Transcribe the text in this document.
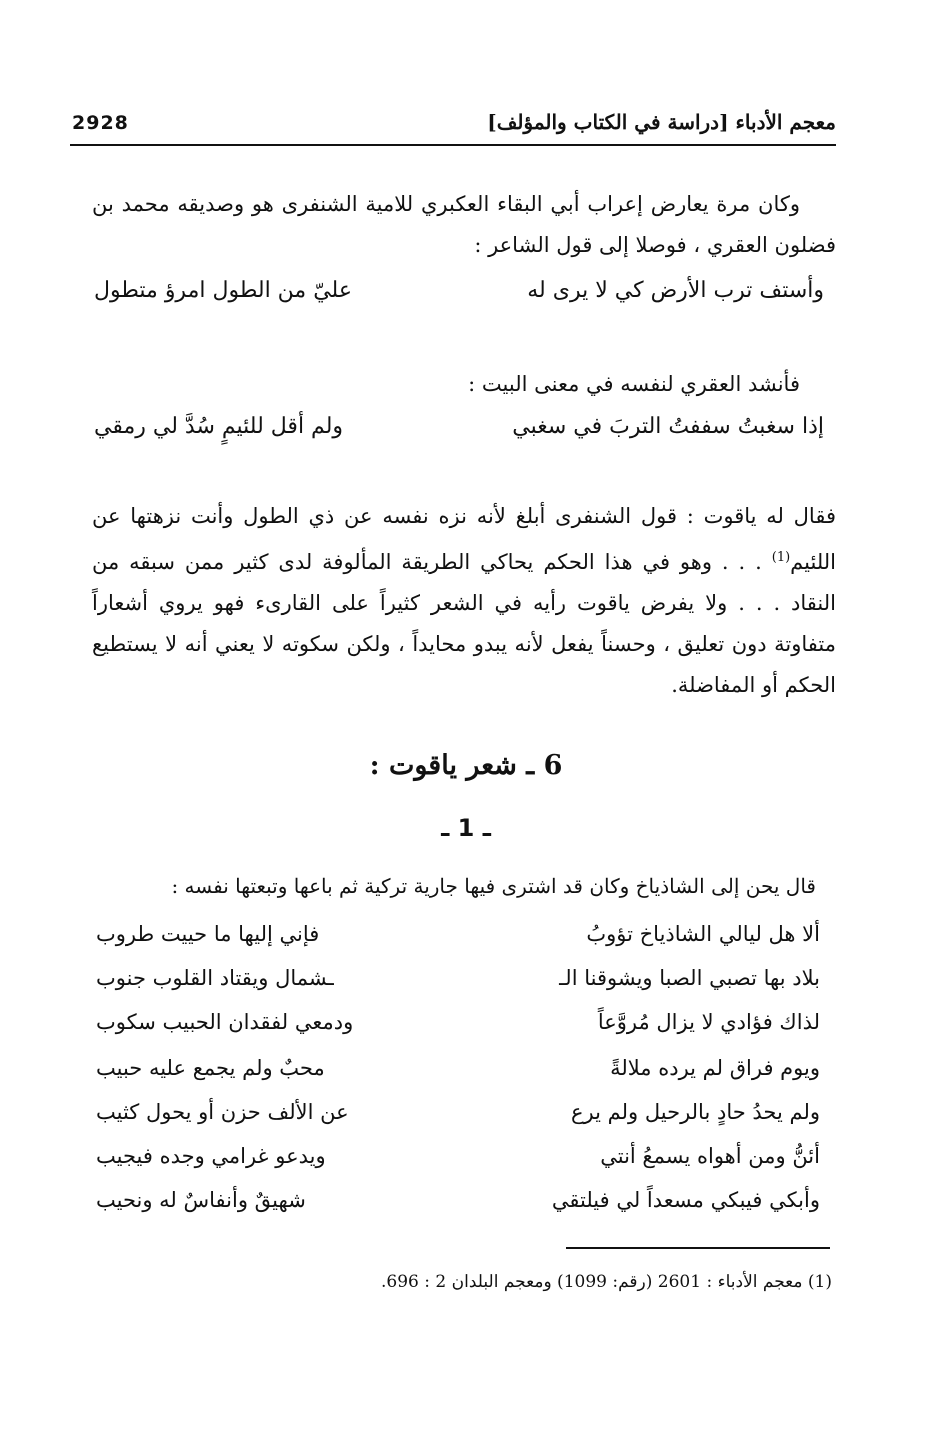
2928	معجم الأدباء [دراسة في الكتاب والمؤلف]

وكان مرة يعارض إعراب أبي البقاء العكبري للامية الشنفرى هو وصديقه محمد بن فضلون العقري ، فوصلا إلى قول الشاعر :

وأستف ترب الأرض كي لا يرى له
عليّ من الطول امرؤ متطول

فأنشد العقري لنفسه في معنى البيت :

إذا سغبتُ سففتُ التربَ في سغبي
ولم أقل للئيمٍ سُدَّ لي رمقي

فقال له ياقوت : قول الشنفرى أبلغ لأنه نزه نفسه عن ذي الطول وأنت نزهتها عن اللئيم$^{(1)}$ . . . وهو في هذا الحكم يحاكي الطريقة المألوفة لدى كثير ممن سبقه من النقاد . . . ولا يفرض ياقوت رأيه في الشعر كثيراً على القارىء فهو يروي أشعاراً متفاوتة دون تعليق ، وحسناً يفعل لأنه يبدو محايداً ، ولكن سكوته لا يعني أنه لا يستطيع الحكم أو المفاضلة.

6 ـ شعر ياقوت :
ـ 1 ـ
قال يحن إلى الشاذياخ وكان قد اشترى فيها جارية تركية ثم باعها وتبعتها نفسه :
ألا هل ليالي الشاذياخ تؤوبُ
فإني إليها ما حييت طروب
بلاد بها تصبي الصبا ويشوقنا الـ
ـشمال ويقتاد القلوب جنوب
لذاك فؤادي لا يزال مُروَّعاً
ودمعي لفقدان الحبيب سكوب
ويوم فراق لم يرده ملالةً
محبٌ ولم يجمع عليه حبيب
ولم يحدُ حادٍ بالرحيل ولم يرع
عن الألف حزن أو يحول كثيب
أئنُّ ومن أهواه يسمعُ أنتي
ويدعو غرامي وجده فيجيب
وأبكي فيبكي مسعداً لي فيلتقي
شهيقٌ وأنفاسٌ له ونحيب
(1) معجم الأدباء : 2601 (رقم: 1099) ومعجم البلدان 2 : 696.
